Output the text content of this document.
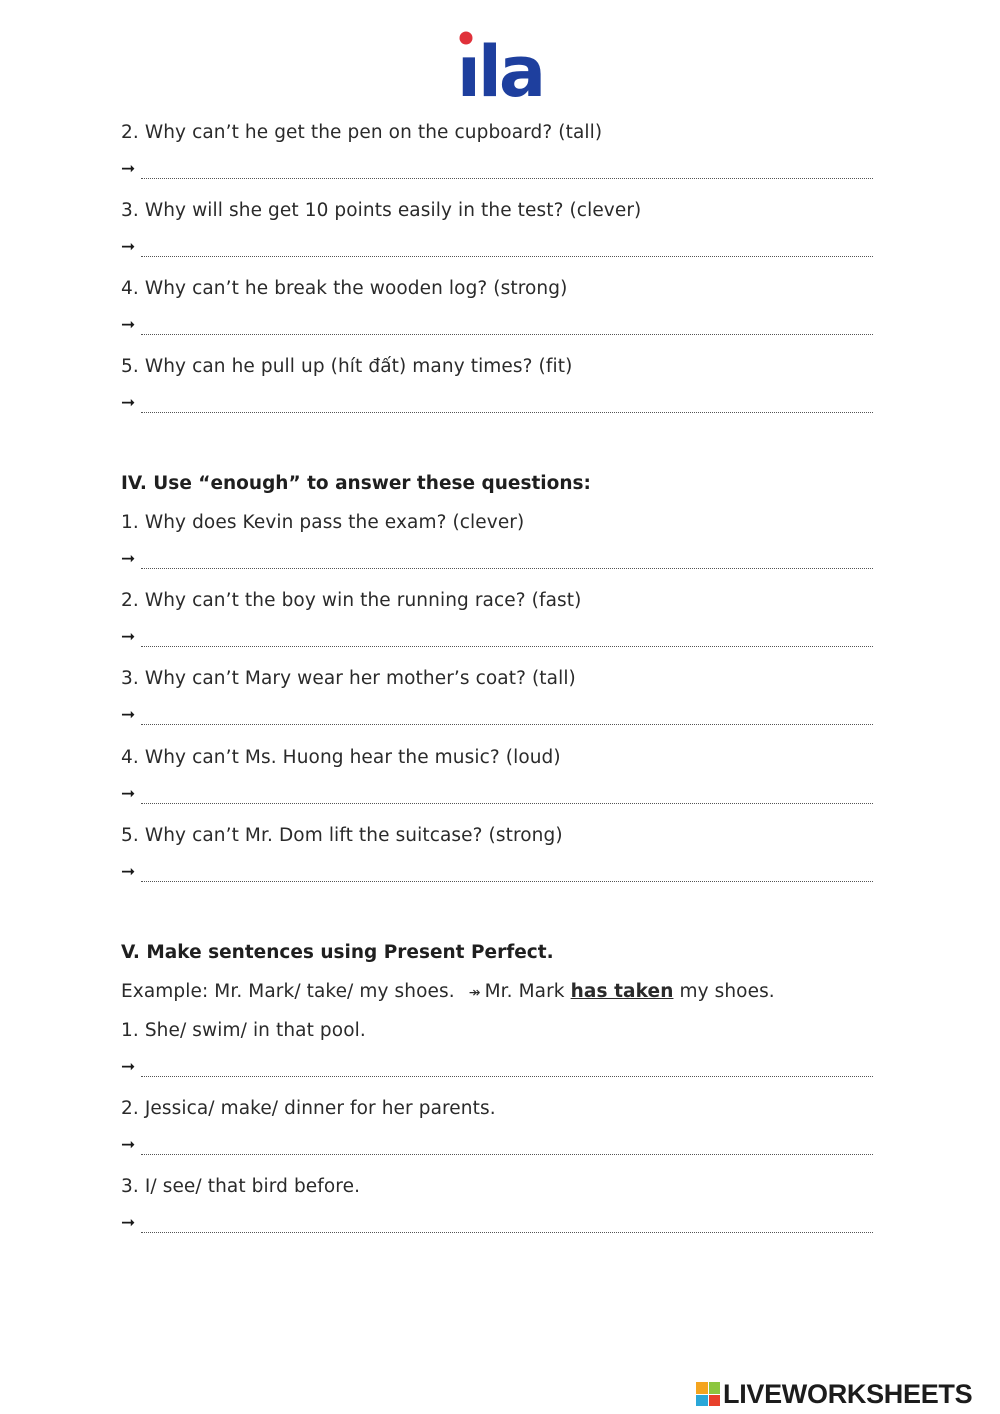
ıla
2. Why can’t he get the pen on the cupboard? (tall)
➞
3. Why will she get 10 points easily in the test? (clever)
➞
4. Why can’t he break the wooden log? (strong)
➞
5. Why can he pull up (hít đất) many times? (fit)
➞
IV. Use “enough” to answer these questions:
1. Why does Kevin pass the exam? (clever)
➞
2. Why can’t the boy win the running race? (fast)
➞
3. Why can’t Mary wear her mother’s coat? (tall)
➞
4. Why can’t Ms. Huong hear the music? (loud)
➞
5. Why can’t Mr. Dom lift the suitcase? (strong)
➞
V. Make sentences using Present Perfect.
Example: Mr. Mark/ take/ my shoes. ↠ Mr. Mark has taken my shoes.
1. She/ swim/ in that pool.
➞
2. Jessica/ make/ dinner for her parents.
➞
3. I/ see/ that bird before.
➞
LIVEWORKSHEETS
